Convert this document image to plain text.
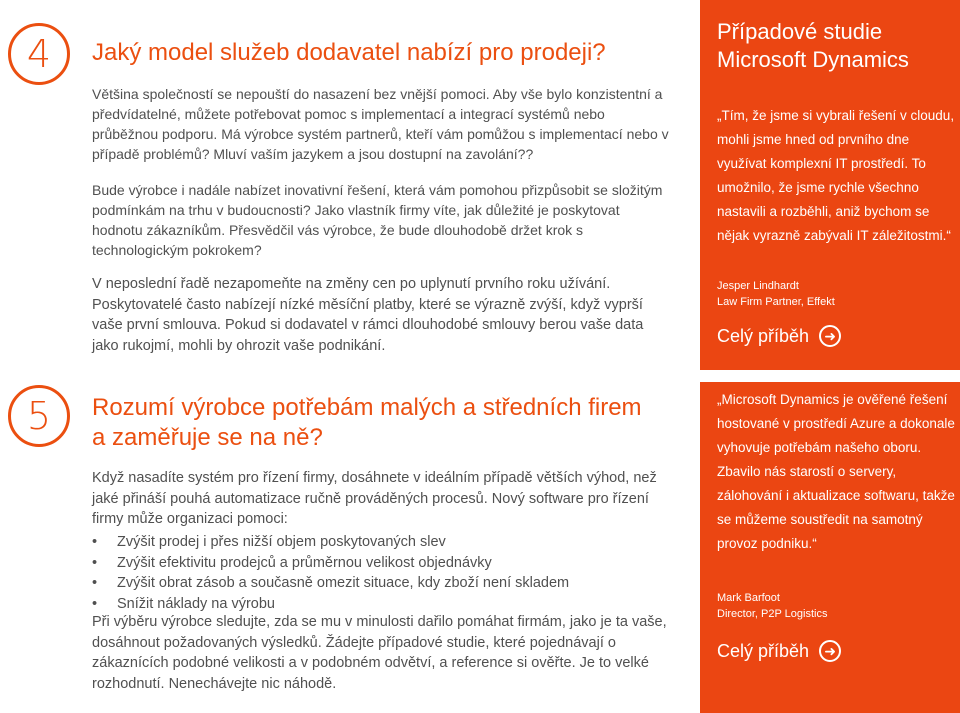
4 Jaký model služeb dodavatel nabízí pro prodeji?

Většina společností se nepouští do nasazení bez vnější pomoci. Aby vše bylo konzistentní a předvídatelné, můžete potřebovat pomoc s implementací a integrací systémů nebo průběžnou podporu. Má výrobce systém partnerů, kteří vám pomůžou s implementací nebo v případě problémů? Mluví vaším jazykem a jsou dostupní na zavolání??

Bude výrobce i nadále nabízet inovativní řešení, která vám pomohou přizpůsobit se složitým podmínkám na trhu v budoucnosti? Jako vlastník firmy víte, jak důležité je poskytovat hodnotu zákazníkům. Přesvědčil vás výrobce, že bude dlouhodobě držet krok s technologickým pokrokem?

V neposlední řadě nezapomeňte na změny cen po uplynutí prvního roku užívání. Poskytovatelé často nabízejí nízké měsíční platby, které se výrazně zvýší, když vyprší vaše první smlouva. Pokud si dodavatel v rámci dlouhodobé smlouvy berou vaše data jako rukojmí, mohli by ohrozit vaše podnikání.

5 Rozumí výrobce potřebám malých a středních firem a zaměřuje se na ně?

Když nasadíte systém pro řízení firmy, dosáhnete v ideálním případě větších výhod, než jaké přináší pouhá automatizace ručně prováděných procesů. Nový software pro řízení firmy může organizaci pomoci:

• Zvýšit prodej i přes nižší objem poskytovaných slev
• Zvýšit efektivitu prodejců a průměrnou velikost objednávky
• Zvýšit obrat zásob a současně omezit situace, kdy zboží není skladem
• Snížit náklady na výrobu

Při výběru výrobce sledujte, zda se mu v minulosti dařilo pomáhat firmám, jako je ta vaše, dosáhnout požadovaných výsledků. Žádejte případové studie, které pojednávají o zákaznících podobné velikosti a v podobném odvětví, a reference si ověřte. Je to velké rozhodnutí. Nenechávejte nic náhodě.

Případové studie Microsoft Dynamics

„Tím, že jsme si vybrali řešení v cloudu, mohli jsme hned od prvního dne využívat komplexní IT prostředí. To umožnilo, že jsme rychle všechno nastavili a rozběhli, aniž bychom se nějak vyrazně zabývali IT záležitostmi.“

Jesper Lindhardt

Law Firm Partner, Effekt

Celý příběh	➜

„Microsoft Dynamics je ověřené řešení hostované v prostředí Azure a dokonale vyhovuje potřebám našeho oboru. Zbavilo nás starostí o servery, zálohování i aktualizace softwaru, takže se můžeme soustředit na samotný provoz podniku.“

Mark Barfoot

Director, P2P Logistics

Celý příběh	➜
